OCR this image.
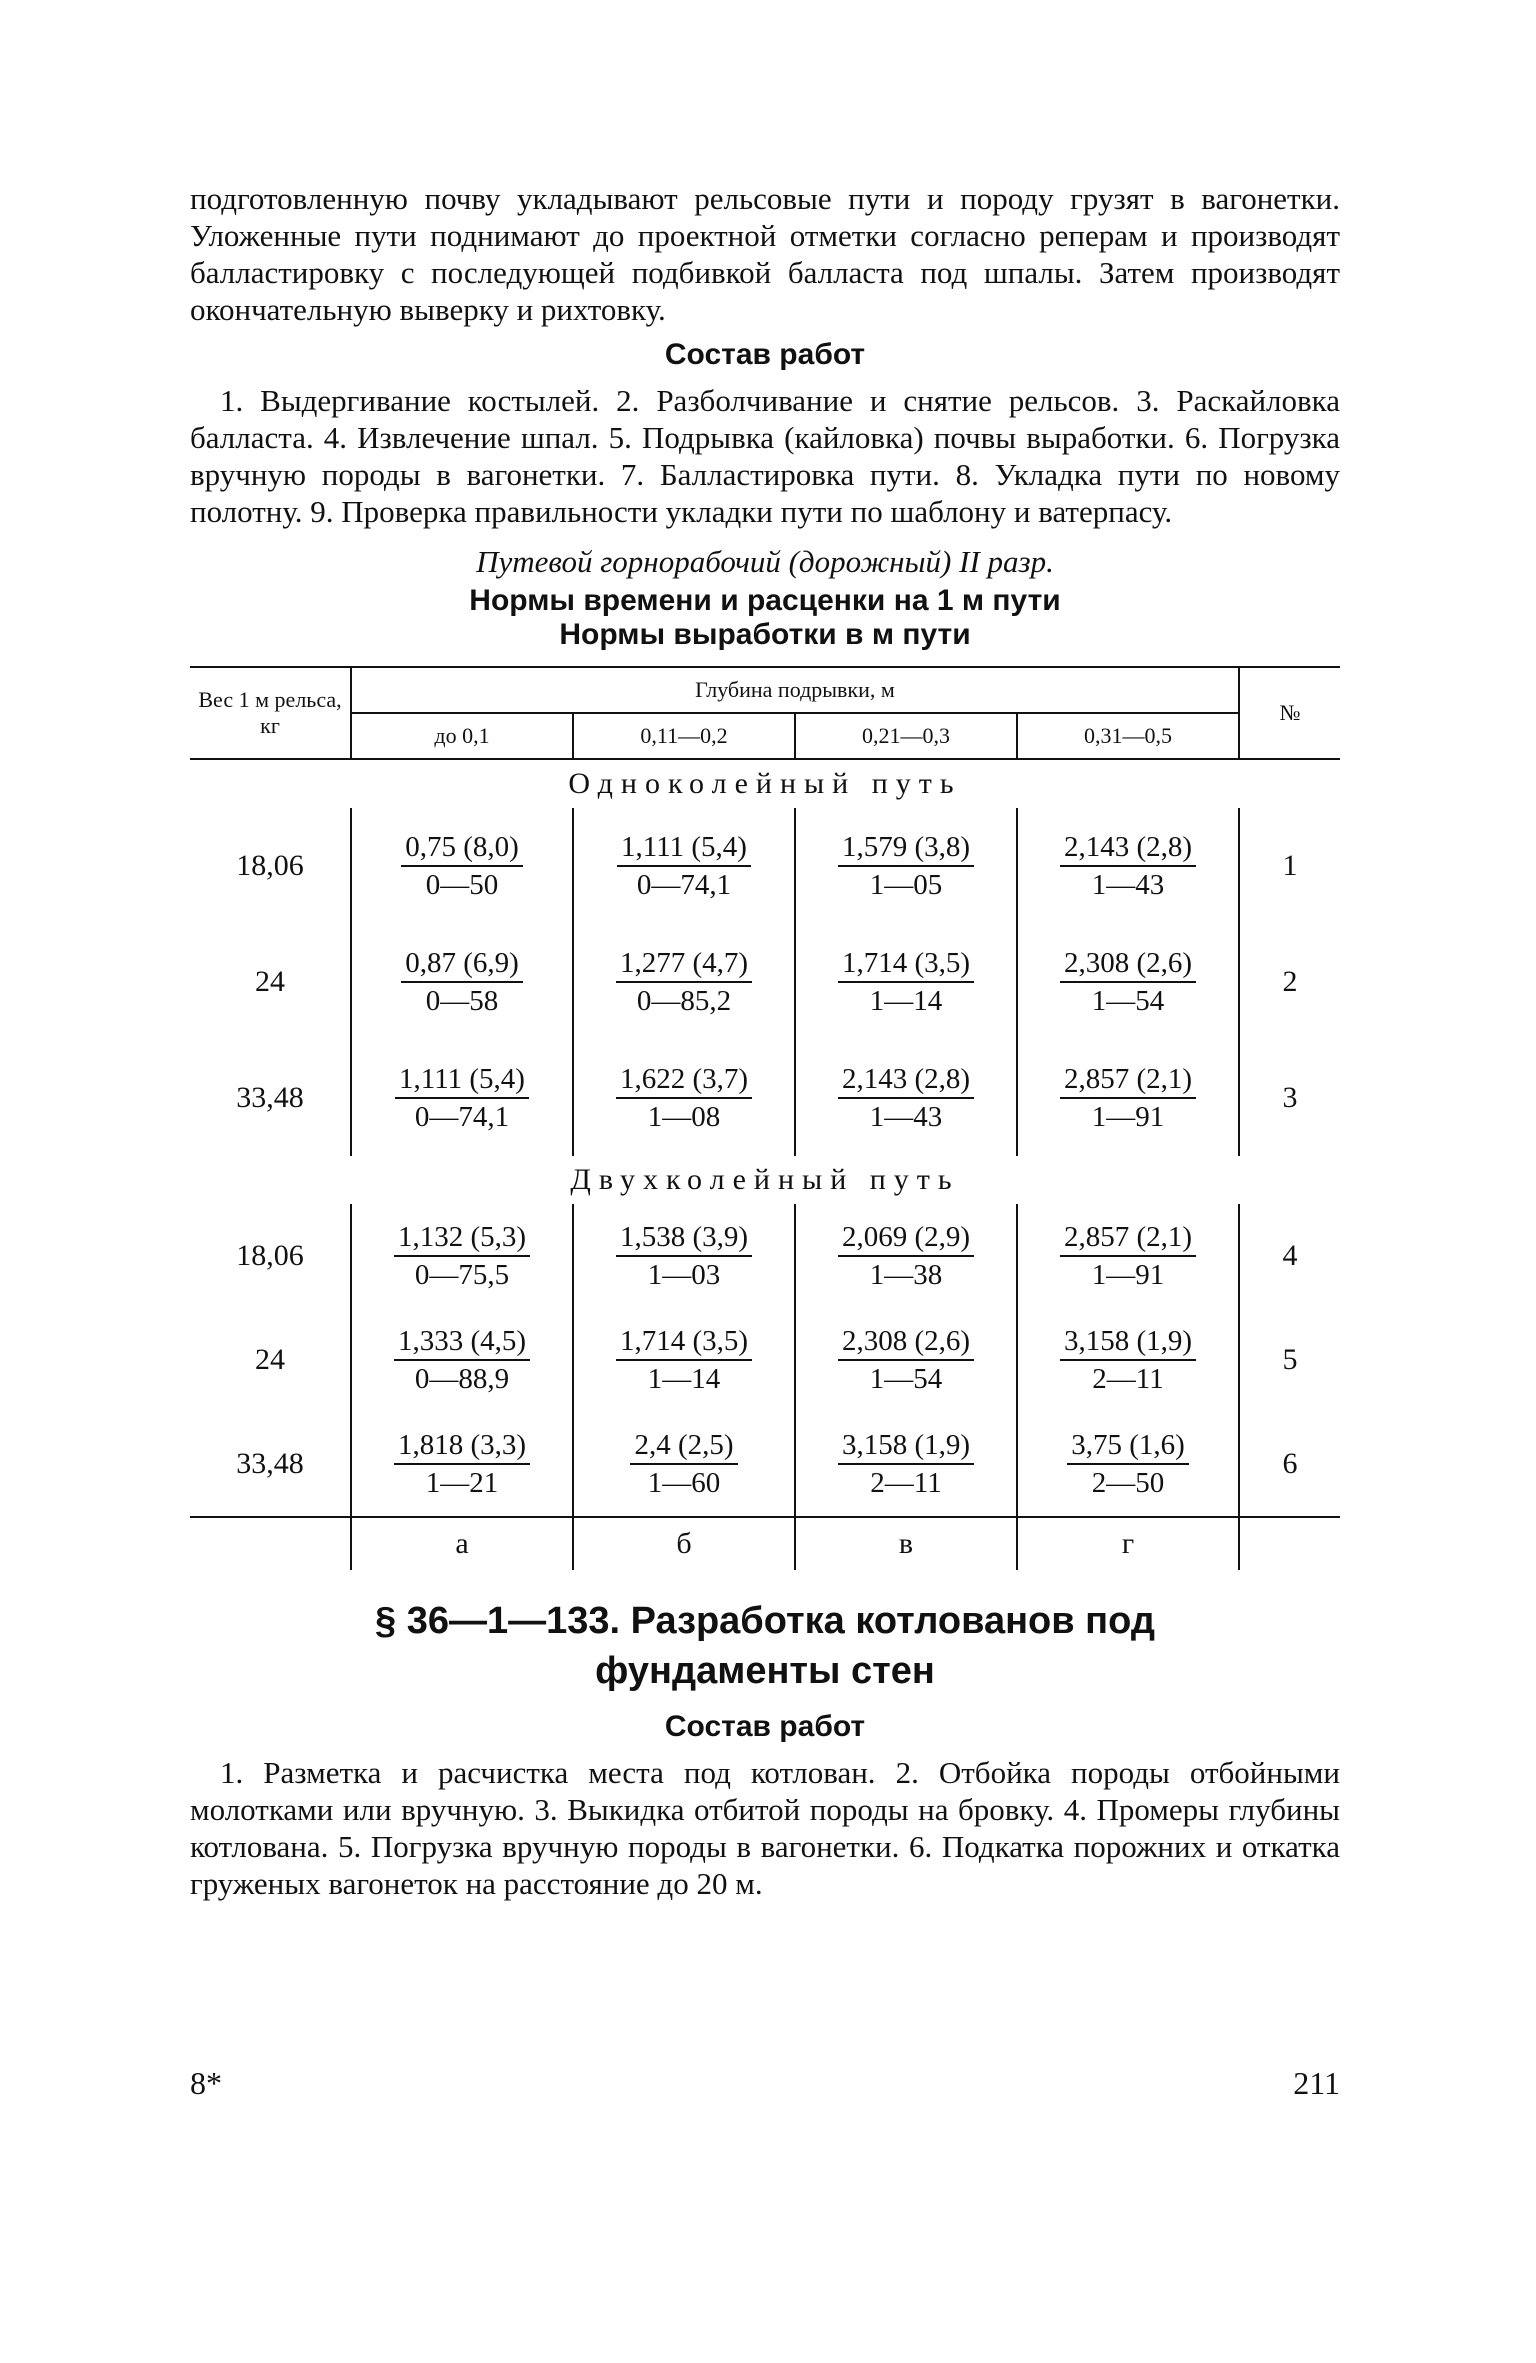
подготовленную почву укладывают рельсовые пути и породу грузят в вагонетки. Уложенные пути поднимают до проектной отметки согласно реперам и производят балластировку с последующей подбивкой балласта под шпалы. Затем производят окончательную выверку и рихтовку.

Состав работ

1. Выдергивание костылей. 2. Разболчивание и снятие рельсов. 3. Раскайловка балласта. 4. Извлечение шпал. 5. Подрывка (кайловка) почвы выработки. 6. Погрузка вручную породы в вагонетки. 7. Балластировка пути. 8. Укладка пути по новому полотну. 9. Проверка правильности укладки пути по шаблону и ватерпасу.

Путевой горнорабочий (дорожный) II разр.

Нормы времени и расценки на 1 м пути

Нормы выработки в м пути

Вес 1 м рельса, кг	Глубина подрывки, м				№
	до 0,1	0,11—0,2	0,21—0,3	0,31—0,5	
Одноколейный путь					
18,06	$\frac{0,75 (8,0)}{0—50}$	$\frac{1,111 (5,4)}{0—74,1}$	$\frac{1,579 (3,8)}{1—05}$	$\frac{2,143 (2,8)}{1—43}$	1
24	$\frac{0,87 (6,9)}{0—58}$	$\frac{1,277 (4,7)}{0—85,2}$	$\frac{1,714 (3,5)}{1—14}$	$\frac{2,308 (2,6)}{1—54}$	2
33,48	$\frac{1,111 (5,4)}{0—74,1}$	$\frac{1,622 (3,7)}{1—08}$	$\frac{2,143 (2,8)}{1—43}$	$\frac{2,857 (2,1)}{1—91}$	3
Двухколейный путь					
18,06	$\frac{1,132 (5,3)}{0—75,5}$	$\frac{1,538 (3,9)}{1—03}$	$\frac{2,069 (2,9)}{1—38}$	$\frac{2,857 (2,1)}{1—91}$	4
24	$\frac{1,333 (4,5)}{0—88,9}$	$\frac{1,714 (3,5)}{1—14}$	$\frac{2,308 (2,6)}{1—54}$	$\frac{3,158 (1,9)}{2—11}$	5
33,48	$\frac{1,818 (3,3)}{1—21}$	$\frac{2,4 (2,5)}{1—60}$	$\frac{3,158 (1,9)}{2—11}$	$\frac{3,75 (1,6)}{2—50}$	6
	а	б	в	г	

§ 36—1—133. Разработка котлованов под фундаменты стен

Состав работ

1. Разметка и расчистка места под котлован. 2. Отбойка породы отбойными молотками или вручную. 3. Выкидка отбитой породы на бровку. 4. Промеры глубины котлована. 5. Погрузка вручную породы в вагонетки. 6. Подкатка порожних и откатка груженых вагонеток на расстояние до 20 м.

8*	211
